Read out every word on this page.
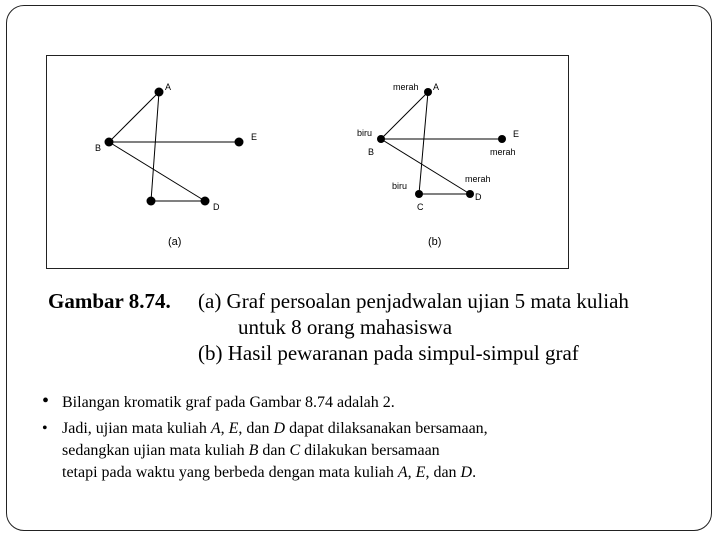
A
B
E
D
(a)
merah A
biru
B
E
merah
biru
C
merah
D
(b)
Gambar 8.74. (a) Graf persoalan penjadwalan ujian 5 mata kuliah
untuk 8 orang mahasiswa
(b) Hasil pewaranan pada simpul-simpul graf
• Bilangan kromatik graf pada Gambar 8.74 adalah 2.
• Jadi, ujian mata kuliah A, E, dan D dapat dilaksanakan bersamaan,
sedangkan ujian mata kuliah B dan C dilakukan bersamaan
tetapi pada waktu yang berbeda dengan mata kuliah A, E, dan D.
